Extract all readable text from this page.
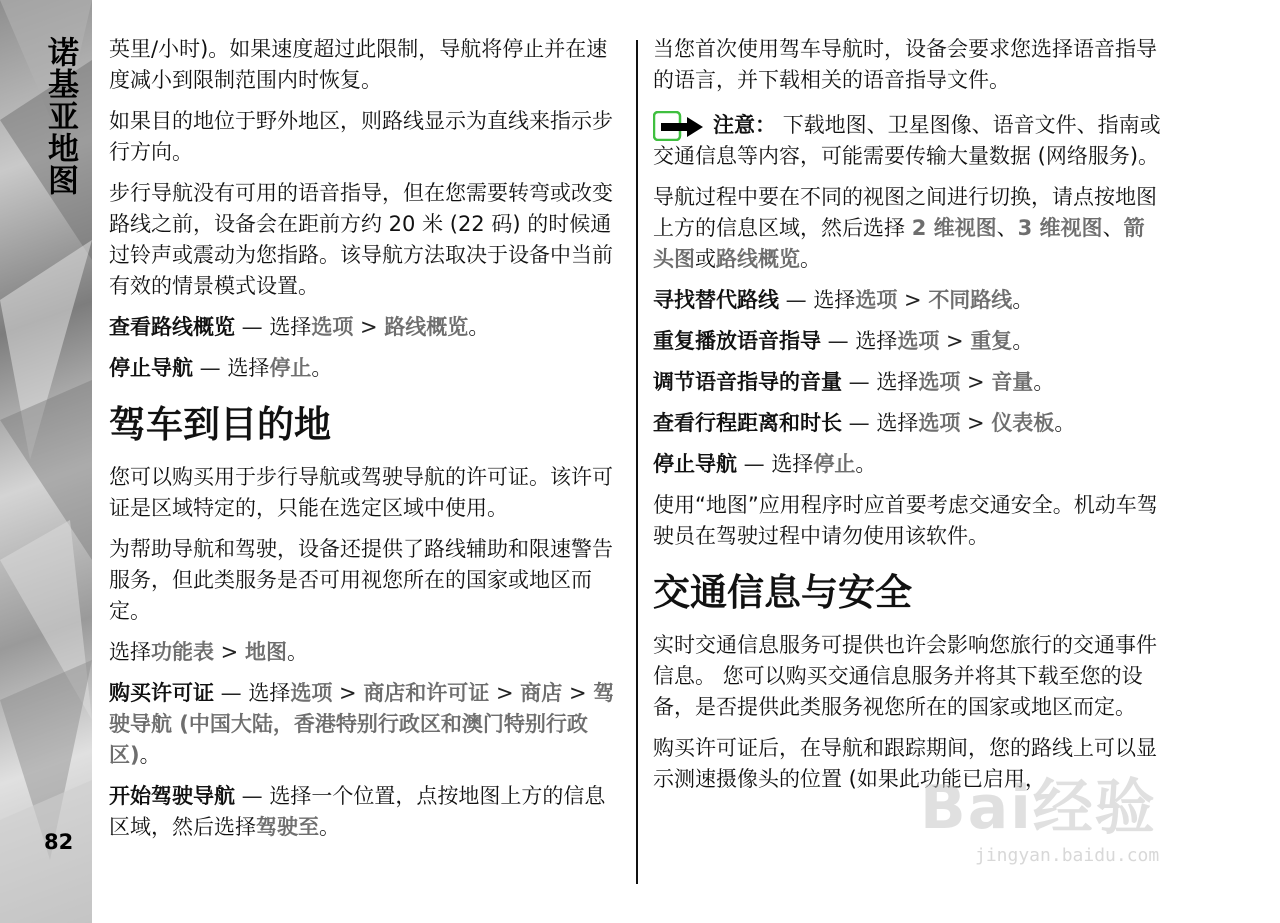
诺基亚地图
82

英里/小时)。如果速度超过此限制，导航将停止并在速度减小到限制范围内时恢复。

如果目的地位于野外地区，则路线显示为直线来指示步行方向。

步行导航没有可用的语音指导，但在您需要转弯或改变路线之前，设备会在距前方约 20 米 (22 码) 的时候通过铃声或震动为您指路。该导航方法取决于设备中当前有效的情景模式设置。

查看路线概览 — 选择选项 > 路线概览。

停止导航 — 选择停止。

驾车到目的地

您可以购买用于步行导航或驾驶导航的许可证。该许可证是区域特定的，只能在选定区域中使用。

为帮助导航和驾驶，设备还提供了路线辅助和限速警告服务，但此类服务是否可用视您所在的国家或地区而定。

选择功能表 > 地图。

购买许可证 — 选择选项 > 商店和许可证 > 商店 > 驾驶导航 (中国大陆，香港特别行政区和澳门特别行政区)。

开始驾驶导航 — 选择一个位置，点按地图上方的信息区域，然后选择驾驶至。

当您首次使用驾车导航时，设备会要求您选择语音指导的语言，并下载相关的语音指导文件。

注意： 下载地图、卫星图像、语音文件、指南或交通信息等内容，可能需要传输大量数据 (网络服务)。

导航过程中要在不同的视图之间进行切换，请点按地图上方的信息区域，然后选择 2 维视图、3 维视图、箭头图或路线概览。

寻找替代路线 — 选择选项 > 不同路线。

重复播放语音指导 — 选择选项 > 重复。

调节语音指导的音量 — 选择选项 > 音量。

查看行程距离和时长 — 选择选项 > 仪表板。

停止导航 — 选择停止。

使用“地图”应用程序时应首要考虑交通安全。机动车驾驶员在驾驶过程中请勿使用该软件。

交通信息与安全

实时交通信息服务可提供也许会影响您旅行的交通事件信息。 您可以购买交通信息服务并将其下载至您的设备，是否提供此类服务视您所在的国家或地区而定。

购买许可证后，在导航和跟踪期间，您的路线上可以显示测速摄像头的位置 (如果此功能已启用，

Bai经验
jingyan.baidu.com
